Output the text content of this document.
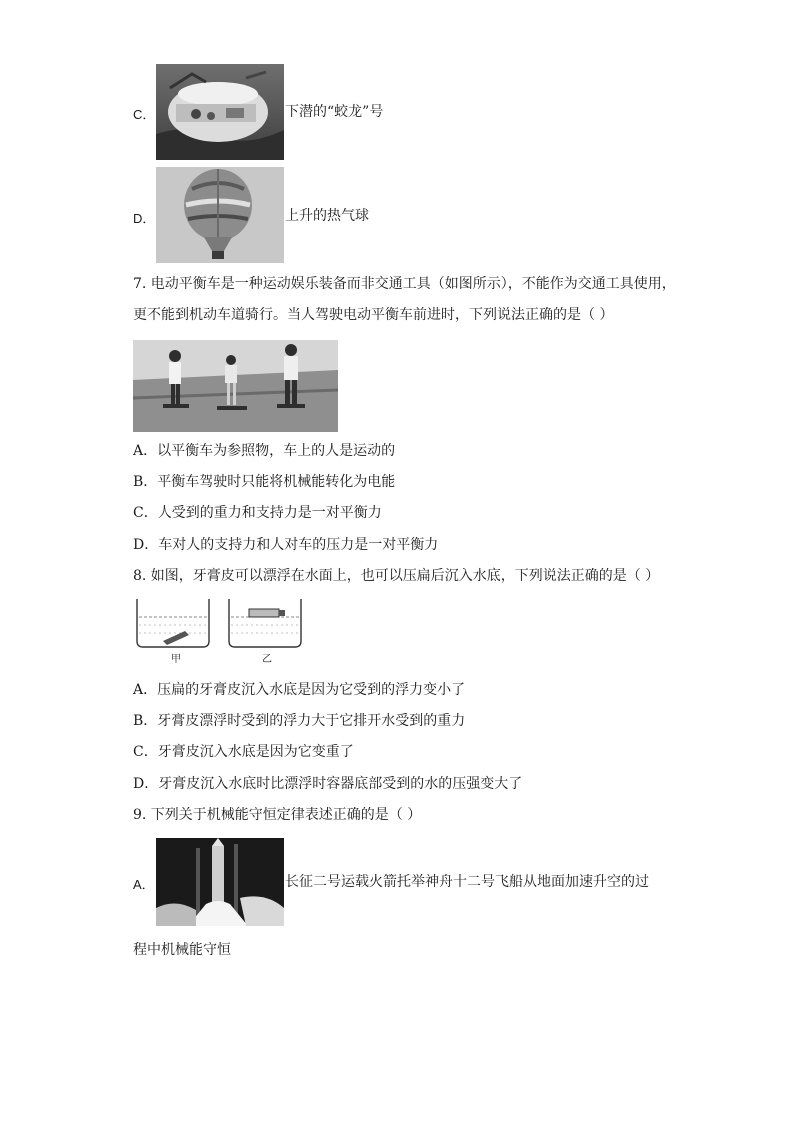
C．	下潜的“蛟龙”号
D．	上升的热气球
7. 电动平衡车是一种运动娱乐装备而非交通工具（如图所示），不能作为交通工具使用，
更不能到机动车道骑行。当人驾驶电动平衡车前进时，下列说法正确的是（ ）
A．以平衡车为参照物，车上的人是运动的
B．平衡车驾驶时只能将机械能转化为电能
C．人受到的重力和支持力是一对平衡力
D．车对人的支持力和人对车的压力是一对平衡力
8. 如图，牙膏皮可以漂浮在水面上，也可以压扁后沉入水底，下列说法正确的是（ ）
甲	乙
A．压扁的牙膏皮沉入水底是因为它受到的浮力变小了
B．牙膏皮漂浮时受到的浮力大于它排开水受到的重力
C．牙膏皮沉入水底是因为它变重了
D．牙膏皮沉入水底时比漂浮时容器底部受到的水的压强变大了
9. 下列关于机械能守恒定律表述正确的是（ ）
A．	长征二号运载火箭托举神舟十二号飞船从地面加速升空的过
程中机械能守恒
